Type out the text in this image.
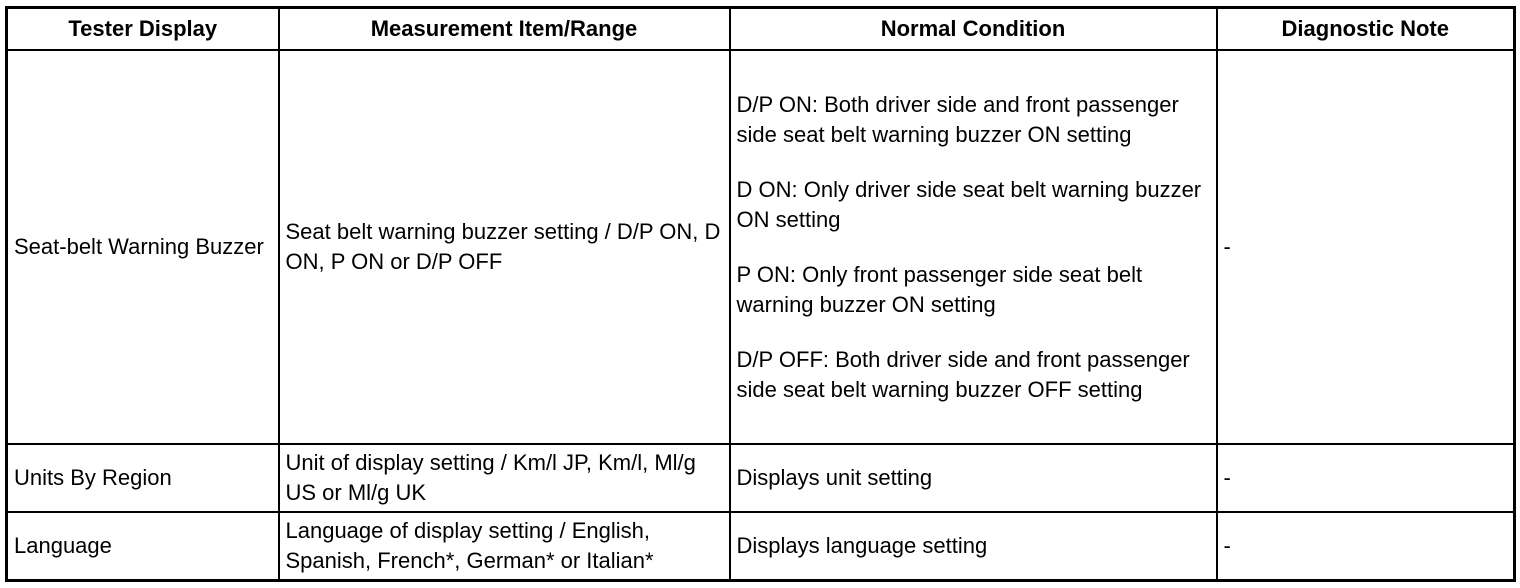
Tester Display	Measurement Item/Range	Normal Condition	Diagnostic Note
Seat-belt Warning Buzzer	Seat belt warning buzzer setting / D/P ON, D ON, P ON or D/P OFF	D/P ON: Both driver side and front passenger side seat belt warning buzzer ON setting

D ON: Only driver side seat belt warning buzzer ON setting

P ON: Only front passenger side seat belt warning buzzer ON setting

D/P OFF: Both driver side and front passenger side seat belt warning buzzer OFF setting	-
Units By Region	Unit of display setting / Km/l JP, Km/l, Ml/g US or Ml/g UK	Displays unit setting	-
Language	Language of display setting / English, Spanish, French*, German* or Italian*	Displays language setting	-
